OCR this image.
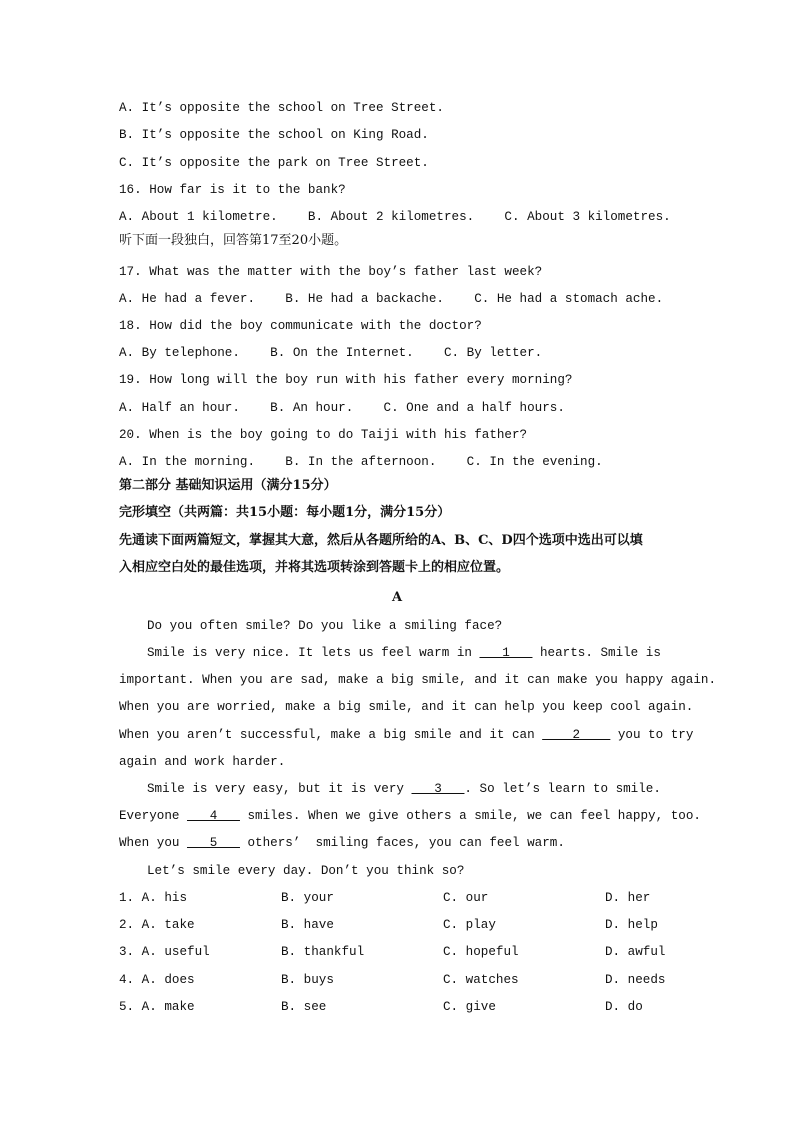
A. It’s opposite the school on Tree Street.
B. It’s opposite the school on King Road.
C. It’s opposite the park on Tree Street.
16. How far is it to the bank?
A. About 1 kilometre.    B. About 2 kilometres.    C. About 3 kilometres.
听下面一段独白，回答第17至20小题。
17. What was the matter with the boy’s father last week?
A. He had a fever.    B. He had a backache.    C. He had a stomach ache.
18. How did the boy communicate with the doctor?
A. By telephone.    B. On the Internet.    C. By letter.
19. How long will the boy run with his father every morning?
A. Half an hour.    B. An hour.    C. One and a half hours.
20. When is the boy going to do Taiji with his father?
A. In the morning.    B. In the afternoon.    C. In the evening.
第二部分 基础知识运用（满分15分）
完形填空（共两篇：共15小题：每小题1分，满分15分）
先通读下面两篇短文，掌握其大意，然后从各题所给的A、B、C、D四个选项中选出可以填
入相应空白处的最佳选项，并将其选项转涂到答题卡上的相应位置。
A
Do you often smile? Do you like a smiling face?
Smile is very nice. It lets us feel warm in ___1___ hearts. Smile is
important. When you are sad, make a big smile, and it can make you happy again.
When you are worried, make a big smile, and it can help you keep cool again.
When you aren’t successful, make a big smile and it can ____2____ you to try
again and work harder.
Smile is very easy, but it is very ___3___. So let’s learn to smile.
Everyone ___4___ smiles. When we give others a smile, we can feel happy, too.
When you ___5___ others’  smiling faces, you can feel warm.
Let’s smile every day. Don’t you think so?
1. A. his	B. your	C. our	D. her
2. A. take	B. have	C. play	D. help
3. A. useful	B. thankful	C. hopeful	D. awful
4. A. does	B. buys	C. watches	D. needs
5. A. make	B. see	C. give	D. do
